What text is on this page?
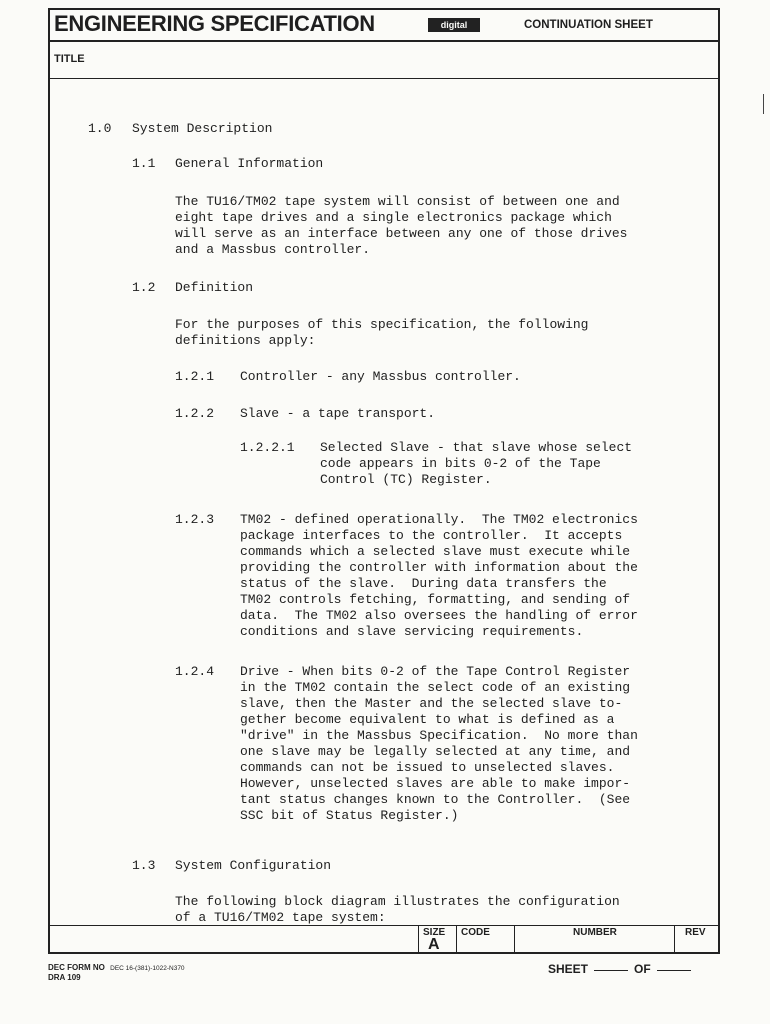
ENGINEERING SPECIFICATION	digital	CONTINUATION SHEET
TITLE
1.0 System Description
1.1 General Information
The TU16/TM02 tape system will consist of between one and
eight tape drives and a single electronics package which
will serve as an interface between any one of those drives
and a Massbus controller.
1.2 Definition
For the purposes of this specification, the following
definitions apply:
1.2.1 Controller - any Massbus controller.
1.2.2 Slave - a tape transport.
1.2.2.1 Selected Slave - that slave whose select
code appears in bits 0-2 of the Tape
Control (TC) Register.
1.2.3 TM02 - defined operationally.  The TM02 electronics
package interfaces to the controller.  It accepts
commands which a selected slave must execute while
providing the controller with information about the
status of the slave.  During data transfers the
TM02 controls fetching, formatting, and sending of
data.  The TM02 also oversees the handling of error
conditions and slave servicing requirements.
1.2.4 Drive - When bits 0-2 of the Tape Control Register
in the TM02 contain the select code of an existing
slave, then the Master and the selected slave to-
gether become equivalent to what is defined as a
"drive" in the Massbus Specification.  No more than
one slave may be legally selected at any time, and
commands can not be issued to unselected slaves.
However, unselected slaves are able to make impor-
tant status changes known to the Controller.  (See
SSC bit of Status Register.)
1.3 System Configuration
The following block diagram illustrates the configuration
of a TU16/TM02 tape system:
SIZE
A
CODE	NUMBER	REV
DEC FORM NO DEC 16-(381)-1022-N370
DRA 109
SHEET	OF
